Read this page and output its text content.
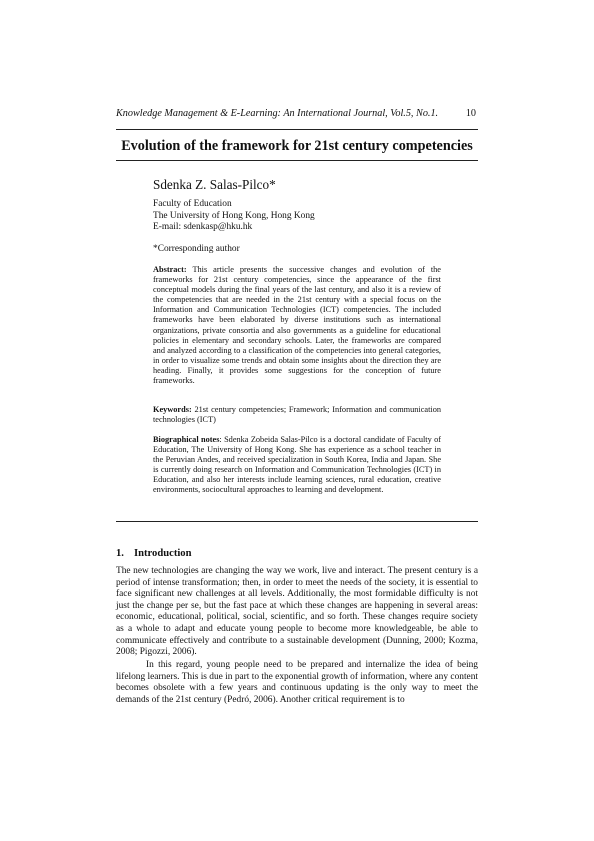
Knowledge Management & E-Learning: An International Journal, Vol.5, No.1.	10
Evolution of the framework for 21st century competencies
Sdenka Z. Salas-Pilco*
Faculty of Education
The University of Hong Kong, Hong Kong
E-mail: sdenkasp@hku.hk
*Corresponding author
Abstract: This article presents the successive changes and evolution of the frameworks for 21st century competencies, since the appearance of the first conceptual models during the final years of the last century, and also it is a review of the competencies that are needed in the 21st century with a special focus on the Information and Communication Technologies (ICT) competencies. The included frameworks have been elaborated by diverse institutions such as international organizations, private consortia and also governments as a guideline for educational policies in elementary and secondary schools. Later, the frameworks are compared and analyzed according to a classification of the competencies into general categories, in order to visualize some trends and obtain some insights about the direction they are heading. Finally, it provides some suggestions for the conception of future frameworks.
Keywords: 21st century competencies; Framework; Information and communication technologies (ICT)
Biographical notes: Sdenka Zobeida Salas-Pilco is a doctoral candidate of Faculty of Education, The University of Hong Kong. She has experience as a school teacher in the Peruvian Andes, and received specialization in South Korea, India and Japan. She is currently doing research on Information and Communication Technologies (ICT) in Education, and also her interests include learning sciences, rural education, creative environments, sociocultural approaches to learning and development.
1. Introduction
The new technologies are changing the way we work, live and interact. The present century is a period of intense transformation; then, in order to meet the needs of the society, it is essential to face significant new challenges at all levels. Additionally, the most formidable difficulty is not just the change per se, but the fast pace at which these changes are happening in several areas: economic, educational, political, social, scientific, and so forth. These changes require society as a whole to adapt and educate young people to become more knowledgeable, be able to communicate effectively and contribute to a sustainable development (Dunning, 2000; Kozma, 2008; Pigozzi, 2006).
In this regard, young people need to be prepared and internalize the idea of being lifelong learners. This is due in part to the exponential growth of information, where any content becomes obsolete with a few years and continuous updating is the only way to meet the demands of the 21st century (Pedró, 2006). Another critical requirement is to
